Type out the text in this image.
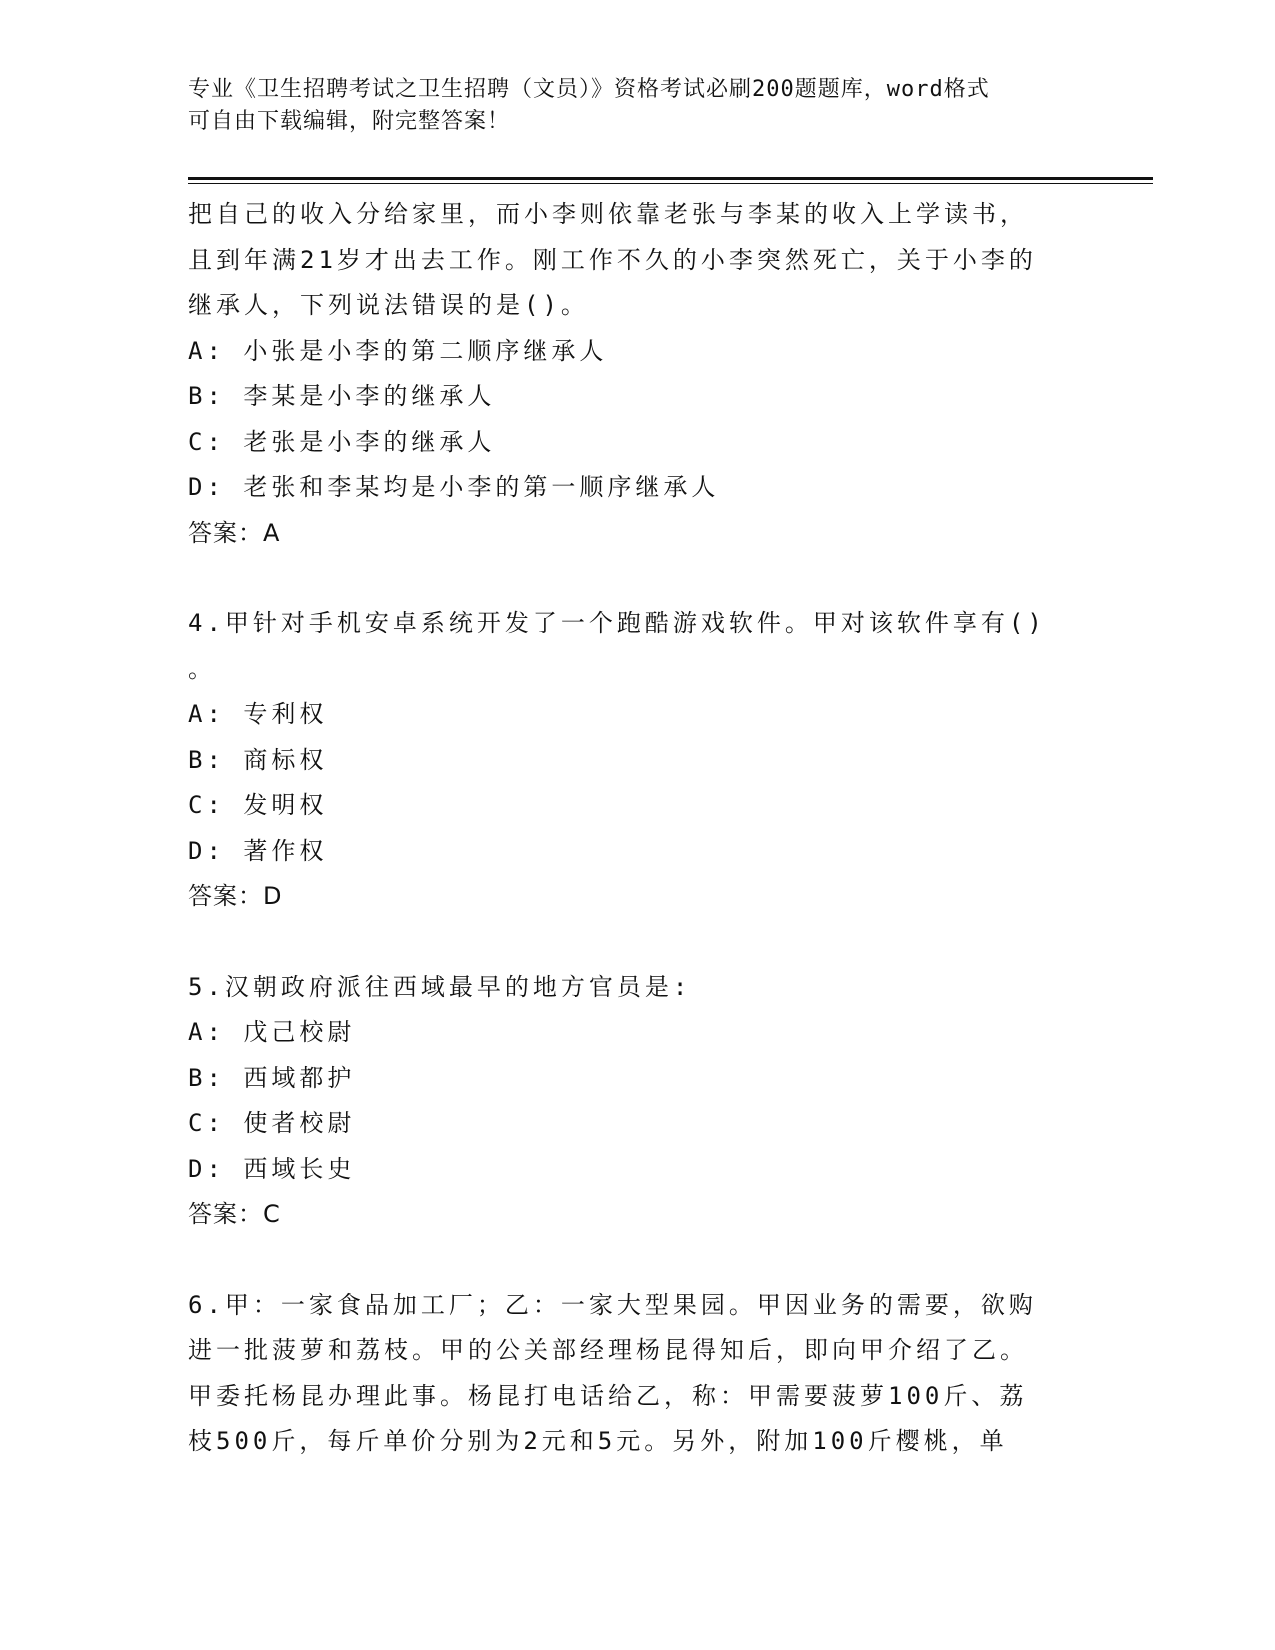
专业《卫生招聘考试之卫生招聘（文员）》资格考试必刷200题题库，word格式
可自由下载编辑，附完整答案！
把自己的收入分给家里，而小李则依靠老张与李某的收入上学读书，
且到年满21岁才出去工作。刚工作不久的小李突然死亡，关于小李的
继承人，下列说法错误的是()。
A: 小张是小李的第二顺序继承人
B: 李某是小李的继承人
C: 老张是小李的继承人
D: 老张和李某均是小李的第一顺序继承人
答案：A
4.甲针对手机安卓系统开发了一个跑酷游戏软件。甲对该软件享有()
。
A: 专利权
B: 商标权
C: 发明权
D: 著作权
答案：D
5.汉朝政府派往西域最早的地方官员是:
A: 戊己校尉
B: 西域都护
C: 使者校尉
D: 西域长史
答案：C
6.甲：一家食品加工厂；乙：一家大型果园。甲因业务的需要，欲购
进一批菠萝和荔枝。甲的公关部经理杨昆得知后，即向甲介绍了乙。
甲委托杨昆办理此事。杨昆打电话给乙，称：甲需要菠萝100斤、荔
枝500斤，每斤单价分别为2元和5元。另外，附加100斤樱桃，单
